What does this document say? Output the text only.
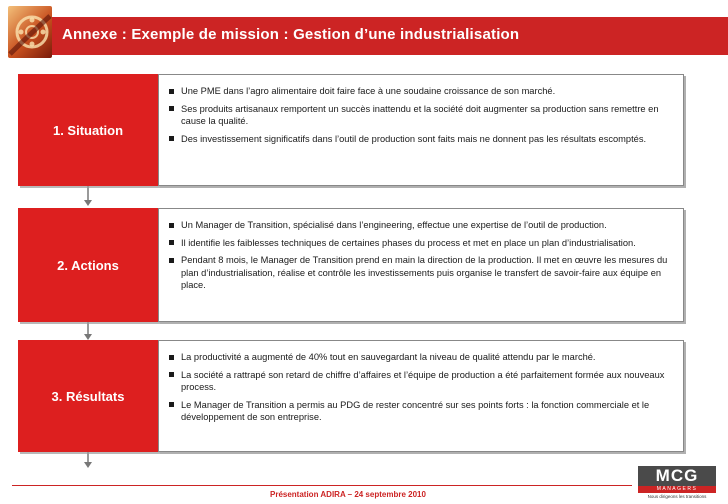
Annexe : Exemple de mission : Gestion d’une industrialisation
1. Situation
Une PME dans l’agro alimentaire doit faire face à une soudaine croissance de son marché.
Ses produits artisanaux remportent un succès inattendu et la société doit augmenter sa production sans remettre en cause la qualité.
Des investissement significatifs dans l’outil de production sont faits mais ne donnent pas les résultats escomptés.
2. Actions
Un Manager de Transition, spécialisé dans l’engineering, effectue une expertise de l’outil de production.
Il identifie les faiblesses techniques de certaines phases du process et met en place un plan d’industrialisation.
Pendant 8 mois, le Manager de Transition prend en main la direction de la production. Il met en œuvre les mesures du plan d’industrialisation, réalise et contrôle les investissements puis organise le transfert de savoir-faire aux équipe en place.
3. Résultats
La productivité a augmenté de 40% tout en sauvegardant la niveau de qualité attendu par le marché.
La société a rattrapé son retard de chiffre d’affaires et l’équipe de production a été parfaitement formée aux nouveaux process.
Le Manager de Transition a permis au PDG de rester concentré sur ses points forts : la fonction commerciale et le développement de son entreprise.
Présentation ADIRA – 24 septembre 2010
MCG
MANAGERS
Nous dirigeons les transitions
